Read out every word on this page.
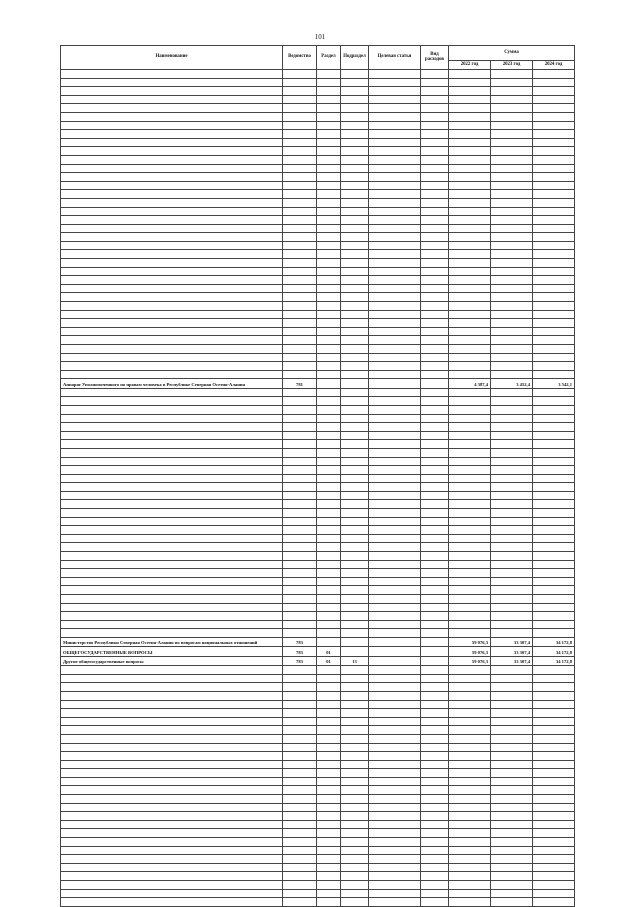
101
Наименование	Ведомство	Раздел	Подраздел	Целевая статья	Вид расходов	Сумма		
						2022 год	2023 год	2024 год

Аппарат Уполномоченного по правам человека в Республике Северная Осетия-Алания	781					4 387,4	3 452,4	3 542,1

Министерство Республики Северная Осетия-Алания по вопросам национальных отношений	783					59 076,3	33 307,4	34 172,8
ОБЩЕГОСУДАРСТВЕННЫЕ ВОПРОСЫ	783	01				59 076,3	33 307,4	34 172,8
Другие общегосударственные вопросы	783	01	13			59 076,3	33 307,4	34 172,8
